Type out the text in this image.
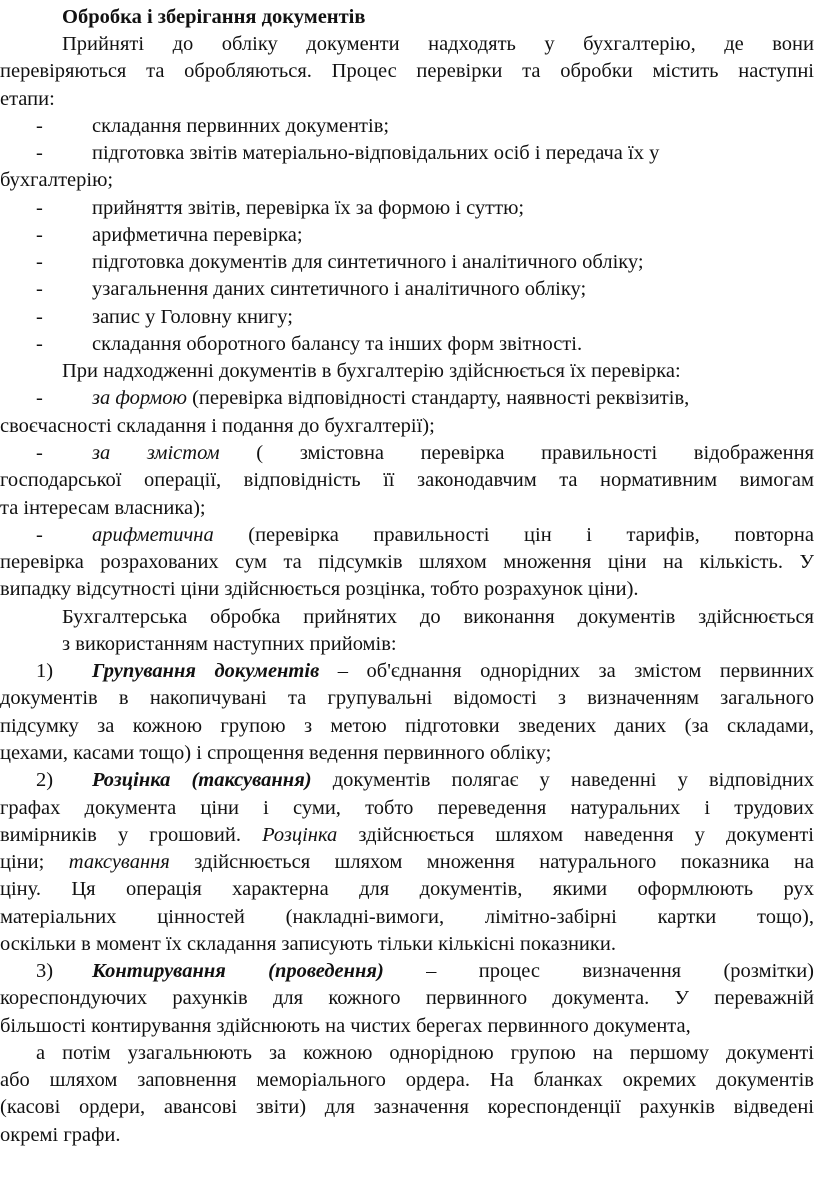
Обробка і зберігання документів
Прийняті до обліку документи надходять у бухгалтерію, де вони
перевіряються та обробляються. Процес перевірки та обробки містить наступні
етапи:
- складання первинних документів;
- підготовка звітів матеріально-відповідальних осіб і передача їх у
бухгалтерію;
- прийняття звітів, перевірка їх за формою і суттю;
- арифметична перевірка;
- підготовка документів для синтетичного і аналітичного обліку;
- узагальнення даних синтетичного і аналітичного обліку;
- запис у Головну книгу;
- складання оборотного балансу та інших форм звітності.
При надходженні документів в бухгалтерію здійснюється їх перевірка:
- за формою (перевірка відповідності стандарту, наявності реквізитів,
своєчасності складання і подання до бухгалтерії);
- за змістом ( змістовна перевірка правильності відображення
господарської операції, відповідність її законодавчим та нормативним вимогам
та інтересам власника);
- арифметична (перевірка правильності цін і тарифів, повторна
перевірка розрахованих сум та підсумків шляхом множення ціни на кількість. У
випадку відсутності ціни здійснюється розцінка, тобто розрахунок ціни).
Бухгалтерська обробка прийнятих до виконання документів здійснюється
з використанням наступних прийомів:
1) Групування документів – об'єднання однорідних за змістом первинних
документів в накопичувані та групувальні відомості з визначенням загального
підсумку за кожною групою з метою підготовки зведених даних (за складами,
цехами, касами тощо) і спрощення ведення первинного обліку;
2) Розцінка (таксування) документів полягає у наведенні у відповідних
графах документа ціни і суми, тобто переведення натуральних і трудових
вимірників у грошовий. Розцінка здійснюється шляхом наведення у документі
ціни; таксування здійснюється шляхом множення натурального показника на
ціну. Ця операція характерна для документів, якими оформлюють рух
матеріальних цінностей (накладні-вимоги, лімітно-забірні картки тощо),
оскільки в момент їх складання записують тільки кількісні показники.
3) Контирування (проведення) – процес визначення (розмітки)
кореспондуючих рахунків для кожного первинного документа. У переважній
більшості контирування здійснюють на чистих берегах первинного документа,
а потім узагальнюють за кожною однорідною групою на першому документі
або шляхом заповнення меморіального ордера. На бланках окремих документів
(касові ордери, авансові звіти) для зазначення кореспонденції рахунків відведені
окремі графи.
